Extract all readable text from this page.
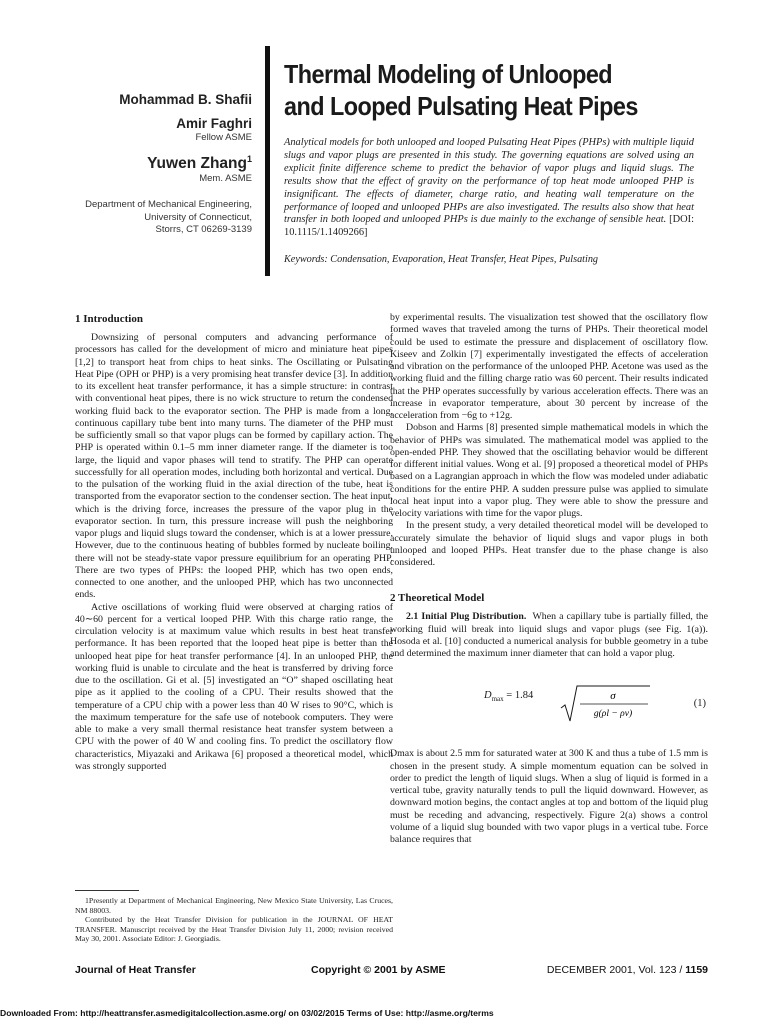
Mohammad B. Shafii
Amir Faghri
Fellow ASME
Yuwen Zhang$^1$
Mem. ASME
Department of Mechanical Engineering,
University of Connecticut,
Storrs, CT 06269-3139
Thermal Modeling of Unlooped
and Looped Pulsating Heat Pipes
Analytical models for both unlooped and looped Pulsating Heat Pipes (PHPs) with multiple liquid slugs and vapor plugs are presented in this study. The governing equations are solved using an explicit finite difference scheme to predict the behavior of vapor plugs and liquid slugs. The results show that the effect of gravity on the performance of top heat mode unlooped PHP is insignificant. The effects of diameter, charge ratio, and heating wall temperature on the performance of looped and unlooped PHPs are also investigated. The results also show that heat transfer in both looped and unlooped PHPs is due mainly to the exchange of sensible heat. [DOI: 10.1115/1.1409266]
Keywords: Condensation, Evaporation, Heat Transfer, Heat Pipes, Pulsating
1 Introduction

Downsizing of personal computers and advancing performance of processors has called for the development of micro and miniature heat pipes [1,2] to transport heat from chips to heat sinks. The Oscillating or Pulsating Heat Pipe (OPH or PHP) is a very promising heat transfer device [3]. In addition to its excellent heat transfer performance, it has a simple structure: in contrast with conventional heat pipes, there is no wick structure to return the condensed working fluid back to the evaporator section. The PHP is made from a long, continuous capillary tube bent into many turns. The diameter of the PHP must be sufficiently small so that vapor plugs can be formed by capillary action. The PHP is operated within 0.1–5 mm inner diameter range. If the diameter is too large, the liquid and vapor phases will tend to stratify. The PHP can operate successfully for all operation modes, including both horizontal and vertical. Due to the pulsation of the working fluid in the axial direction of the tube, heat is transported from the evaporator section to the condenser section. The heat input, which is the driving force, increases the pressure of the vapor plug in the evaporator section. In turn, this pressure increase will push the neighboring vapor plugs and liquid slugs toward the condenser, which is at a lower pressure. However, due to the continuous heating of bubbles formed by nucleate boiling, there will not be steady-state vapor pressure equilibrium for an operating PHP. There are two types of PHPs: the looped PHP, which has two open ends, connected to one another, and the unlooped PHP, which has two unconnected ends.

Active oscillations of working fluid were observed at charging ratios of 40∼60 percent for a vertical looped PHP. With this charge ratio range, the circulation velocity is at maximum value which results in best heat transfer performance. It has been reported that the looped heat pipe is better than the unlooped heat pipe for heat transfer performance [4]. In an unlooped PHP, the working fluid is unable to circulate and the heat is transferred by driving force due to the oscillation. Gi et al. [5] investigated an “O” shaped oscillating heat pipe as it applied to the cooling of a CPU. Their results showed that the temperature of a CPU chip with a power less than 40 W rises to 90°C, which is the maximum temperature for the safe use of notebook computers. They were able to make a very small thermal resistance heat transfer system between a CPU with the power of 40 W and cooling fins. To predict the oscillatory flow characteristics, Miyazaki and Arikawa [6] proposed a theoretical model, which was strongly supported

by experimental results. The visualization test showed that the oscillatory flow formed waves that traveled among the turns of PHPs. Their theoretical model could be used to estimate the pressure and displacement of oscillatory flow. Kiseev and Zolkin [7] experimentally investigated the effects of acceleration and vibration on the performance of the unlooped PHP. Acetone was used as the working fluid and the filling charge ratio was 60 percent. Their results indicated that the PHP operates successfully by various acceleration effects. There was an increase in evaporator temperature, about 30 percent by increase of the acceleration from −6g to +12g.

Dobson and Harms [8] presented simple mathematical models in which the behavior of PHPs was simulated. The mathematical model was applied to the open-ended PHP. They showed that the oscillating behavior would be different for different initial values. Wong et al. [9] proposed a theoretical model of PHPs based on a Lagrangian approach in which the flow was modeled under adiabatic conditions for the entire PHP. A sudden pressure pulse was applied to simulate local heat input into a vapor plug. They were able to show the pressure and velocity variations with time for the vapor plugs.

In the present study, a very detailed theoretical model will be developed to accurately simulate the behavior of liquid slugs and vapor plugs in both unlooped and looped PHPs. Heat transfer due to the phase change is also considered.

2 Theoretical Model

2.1 Initial Plug Distribution. When a capillary tube is partially filled, the working fluid will break into liquid slugs and vapor plugs (see Fig. 1(a)). Hosoda et al. [10] conducted a numerical analysis for bubble geometry in a tube and determined the maximum inner diameter that can hold a vapor plug.

$D_{max} = 1.84$	σ
g(ρl − ρv)
(1)

Dmax is about 2.5 mm for saturated water at 300 K and thus a tube of 1.5 mm is chosen in the present study. A simple momentum equation can be solved in order to predict the length of liquid slugs. When a slug of liquid is formed in a vertical tube, gravity naturally tends to pull the liquid downward. However, as downward motion begins, the contact angles at top and bottom of the liquid plug must be receding and advancing, respectively. Figure 2(a) shows a control volume of a liquid slug bounded with two vapor plugs in a vertical tube. Force balance requires that

1Presently at Department of Mechanical Engineering, New Mexico State University, Las Cruces, NM 88003.

Contributed by the Heat Transfer Division for publication in the JOURNAL OF HEAT TRANSFER. Manuscript received by the Heat Transfer Division July 11, 2000; revision received May 30, 2001. Associate Editor: J. Georgiadis.

Journal of Heat Transfer	Copyright © 2001 by ASME	DECEMBER 2001, Vol. 123 / 1159
Downloaded From: http://heattransfer.asmedigitalcollection.asme.org/ on 03/02/2015 Terms of Use: http://asme.org/terms
